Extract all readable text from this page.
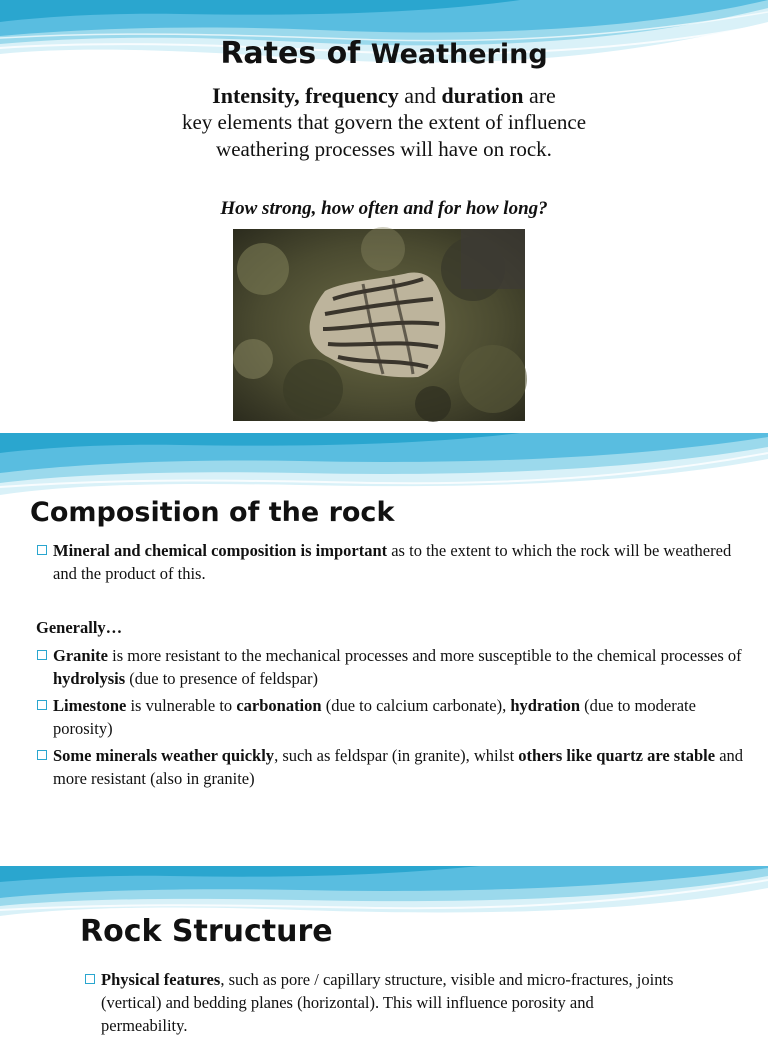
Rates of Weathering
Intensity, frequency and duration are
key elements that govern the extent of influence weathering processes will have on rock.
How strong, how often and for how long?
Composition of the rock

Mineral and chemical composition is important as to the extent to which the rock will be weathered and the product of this.

Generally…

Granite is more resistant to the mechanical processes and more susceptible to the chemical processes of hydrolysis (due to presence of feldspar)

Limestone is vulnerable to carbonation (due to calcium carbonate), hydration (due to moderate porosity)

Some minerals weather quickly, such as feldspar (in granite), whilst others like quartz are stable and more resistant (also in granite)

Rock Structure

Physical features, such as pore / capillary structure, visible and micro-fractures, joints (vertical) and bedding planes (horizontal). This will influence porosity and permeability.
